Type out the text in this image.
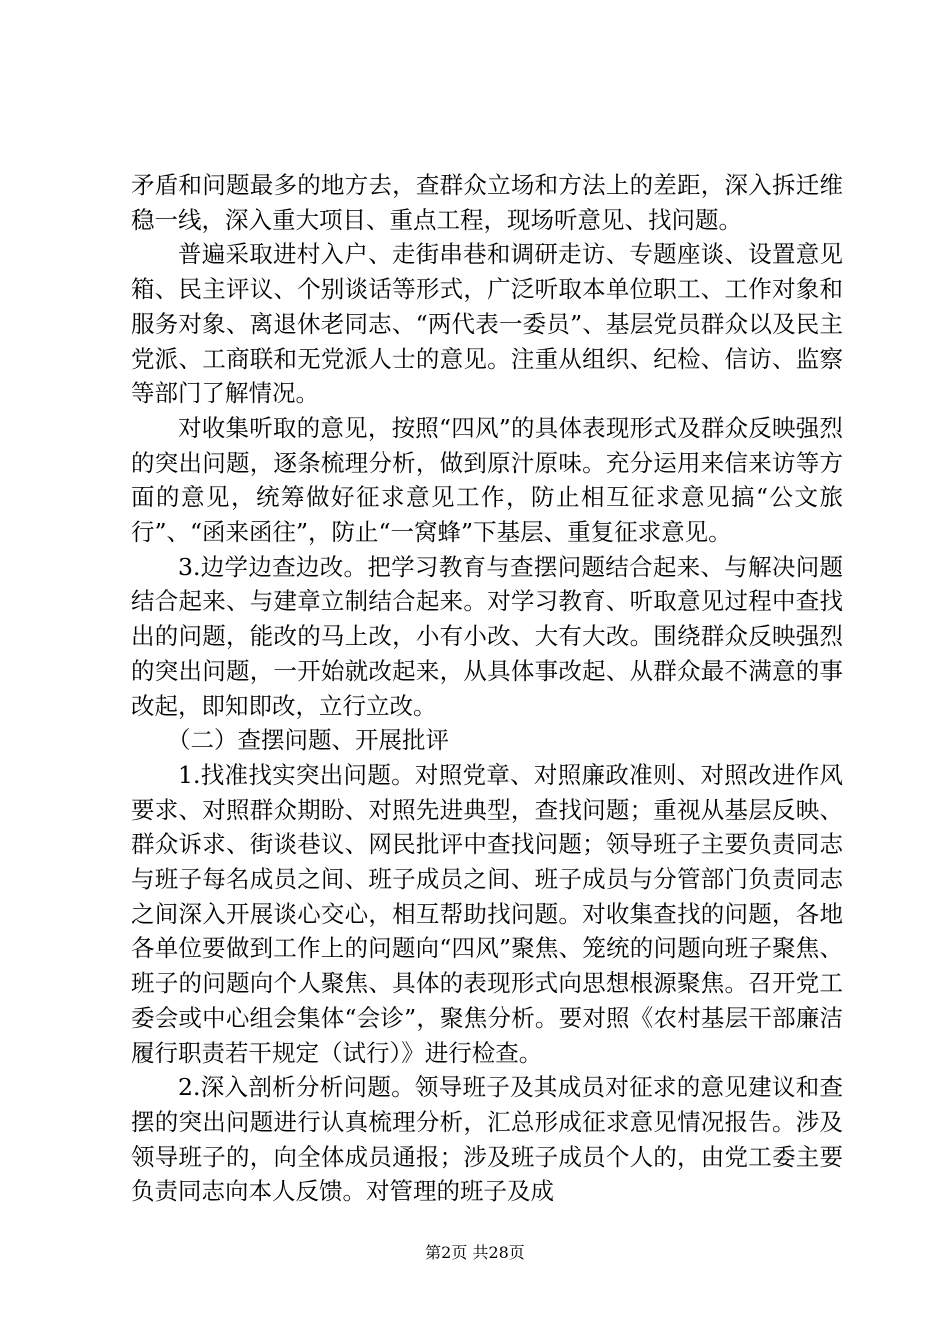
矛盾和问题最多的地方去，查群众立场和方法上的差距，深入拆迁维稳一线，深入重大项目、重点工程，现场听意见、找问题。

普遍采取进村入户、走街串巷和调研走访、专题座谈、设置意见箱、民主评议、个别谈话等形式，广泛听取本单位职工、工作对象和服务对象、离退休老同志、“两代表一委员”、基层党员群众以及民主党派、工商联和无党派人士的意见。注重从组织、纪检、信访、监察等部门了解情况。

对收集听取的意见，按照“四风”的具体表现形式及群众反映强烈的突出问题，逐条梳理分析，做到原汁原味。充分运用来信来访等方面的意见，统筹做好征求意见工作，防止相互征求意见搞“公文旅行”、“函来函往”，防止“一窝蜂”下基层、重复征求意见。

3.边学边查边改。把学习教育与查摆问题结合起来、与解决问题结合起来、与建章立制结合起来。对学习教育、听取意见过程中查找出的问题，能改的马上改，小有小改、大有大改。围绕群众反映强烈的突出问题，一开始就改起来，从具体事改起、从群众最不满意的事改起，即知即改，立行立改。

（二）查摆问题、开展批评

1.找准找实突出问题。对照党章、对照廉政准则、对照改进作风要求、对照群众期盼、对照先进典型，查找问题；重视从基层反映、群众诉求、街谈巷议、网民批评中查找问题；领导班子主要负责同志与班子每名成员之间、班子成员之间、班子成员与分管部门负责同志之间深入开展谈心交心，相互帮助找问题。对收集查找的问题，各地各单位要做到工作上的问题向“四风”聚焦、笼统的问题向班子聚焦、班子的问题向个人聚焦、具体的表现形式向思想根源聚焦。召开党工委会或中心组会集体“会诊”，聚焦分析。要对照《农村基层干部廉洁履行职责若干规定（试行）》进行检查。

2.深入剖析分析问题。领导班子及其成员对征求的意见建议和查摆的突出问题进行认真梳理分析，汇总形成征求意见情况报告。涉及领导班子的，向全体成员通报；涉及班子成员个人的，由党工委主要负责同志向本人反馈。对管理的班子及成

第2页 共28页
